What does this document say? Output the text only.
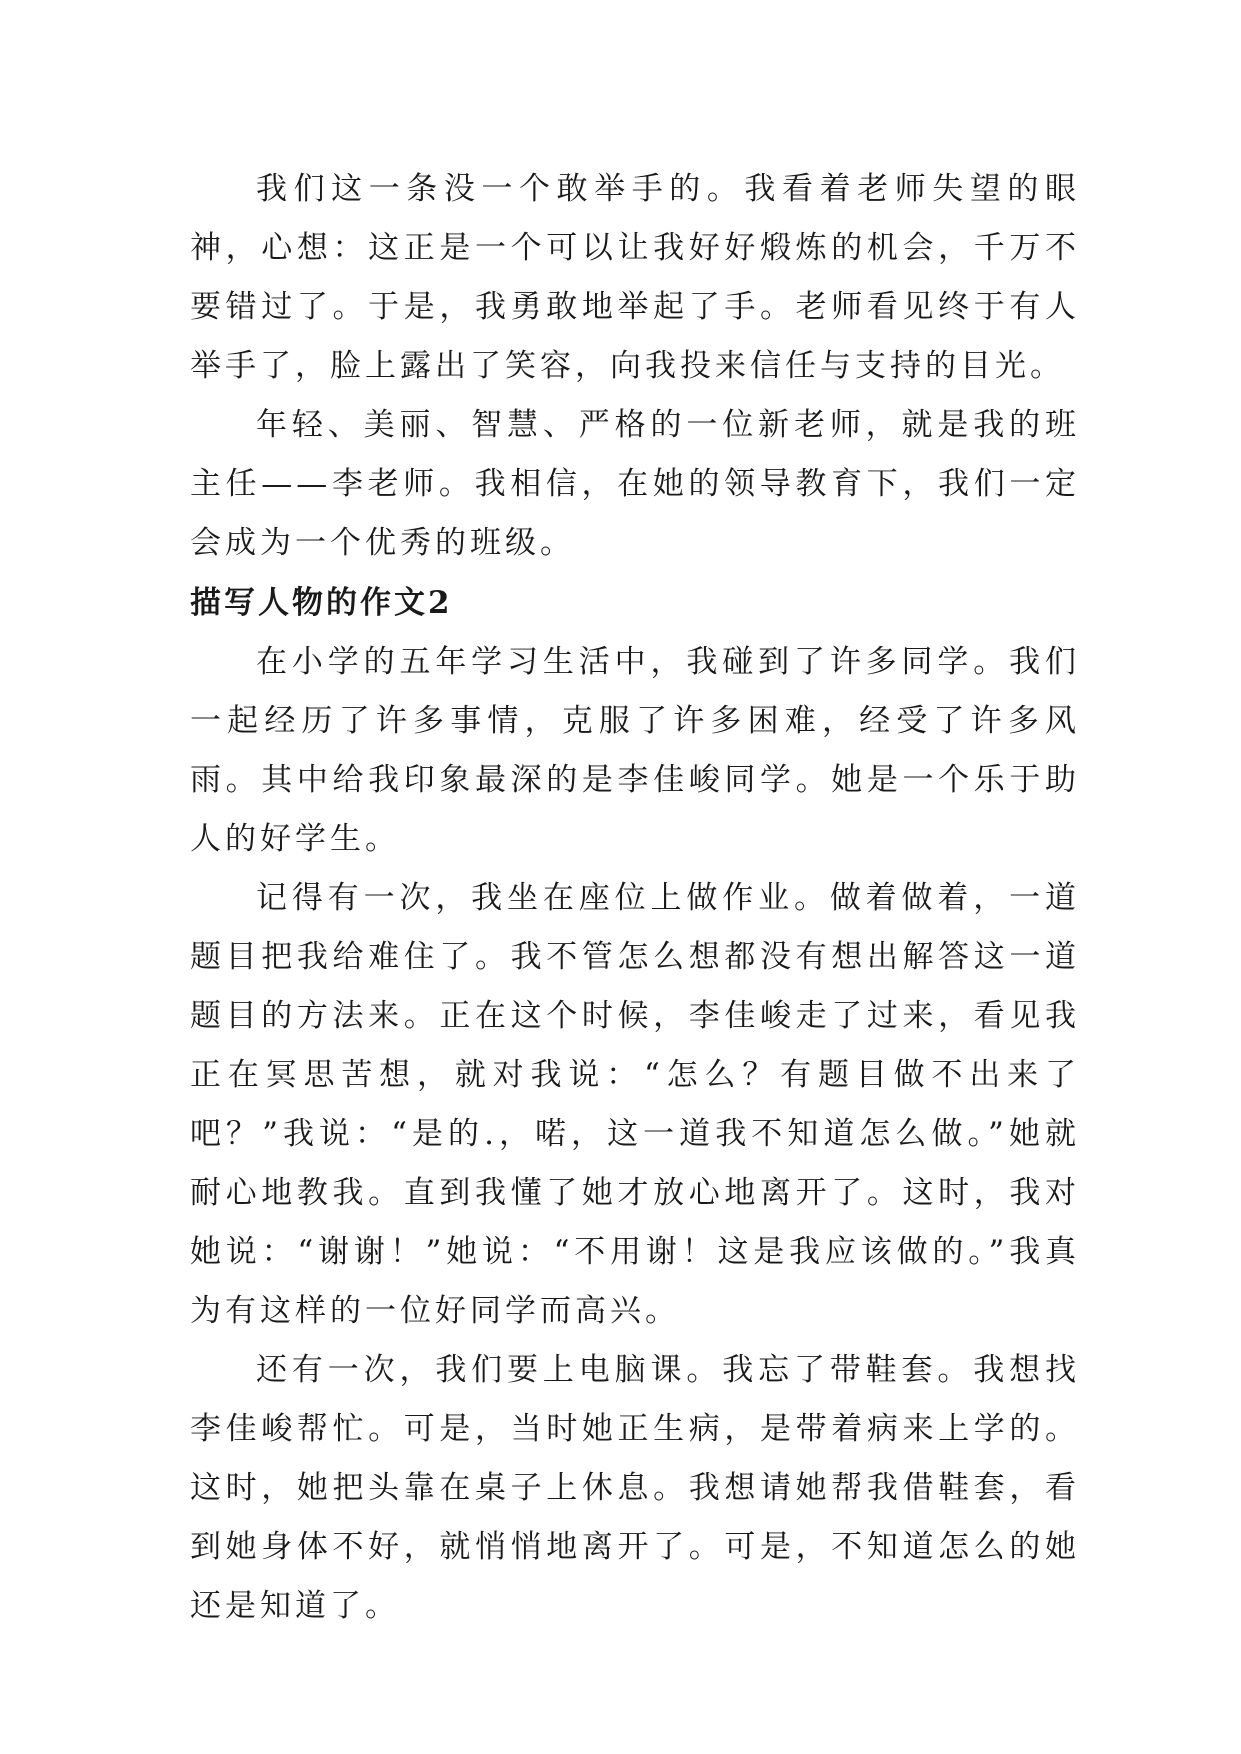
我们这一条没一个敢举手的。我看着老师失望的眼神，心想：这正是一个可以让我好好煅炼的机会，千万不要错过了。于是，我勇敢地举起了手。老师看见终于有人举手了，脸上露出了笑容，向我投来信任与支持的目光。

年轻、美丽、智慧、严格的一位新老师，就是我的班主任——李老师。我相信，在她的领导教育下，我们一定会成为一个优秀的班级。

描写人物的作文2

在小学的五年学习生活中，我碰到了许多同学。我们一起经历了许多事情，克服了许多困难，经受了许多风雨。其中给我印象最深的是李佳峻同学。她是一个乐于助人的好学生。

记得有一次，我坐在座位上做作业。做着做着，一道题目把我给难住了。我不管怎么想都没有想出解答这一道题目的方法来。正在这个时候，李佳峻走了过来，看见我正在冥思苦想，就对我说：“怎么？有题目做不出来了吧？”我说：“是的.，喏，这一道我不知道怎么做。”她就耐心地教我。直到我懂了她才放心地离开了。这时，我对她说：“谢谢！”她说：“不用谢！这是我应该做的。”我真为有这样的一位好同学而高兴。

还有一次，我们要上电脑课。我忘了带鞋套。我想找李佳峻帮忙。可是，当时她正生病，是带着病来上学的。这时，她把头靠在桌子上休息。我想请她帮我借鞋套，看到她身体不好，就悄悄地离开了。可是，不知道怎么的她还是知道了。
